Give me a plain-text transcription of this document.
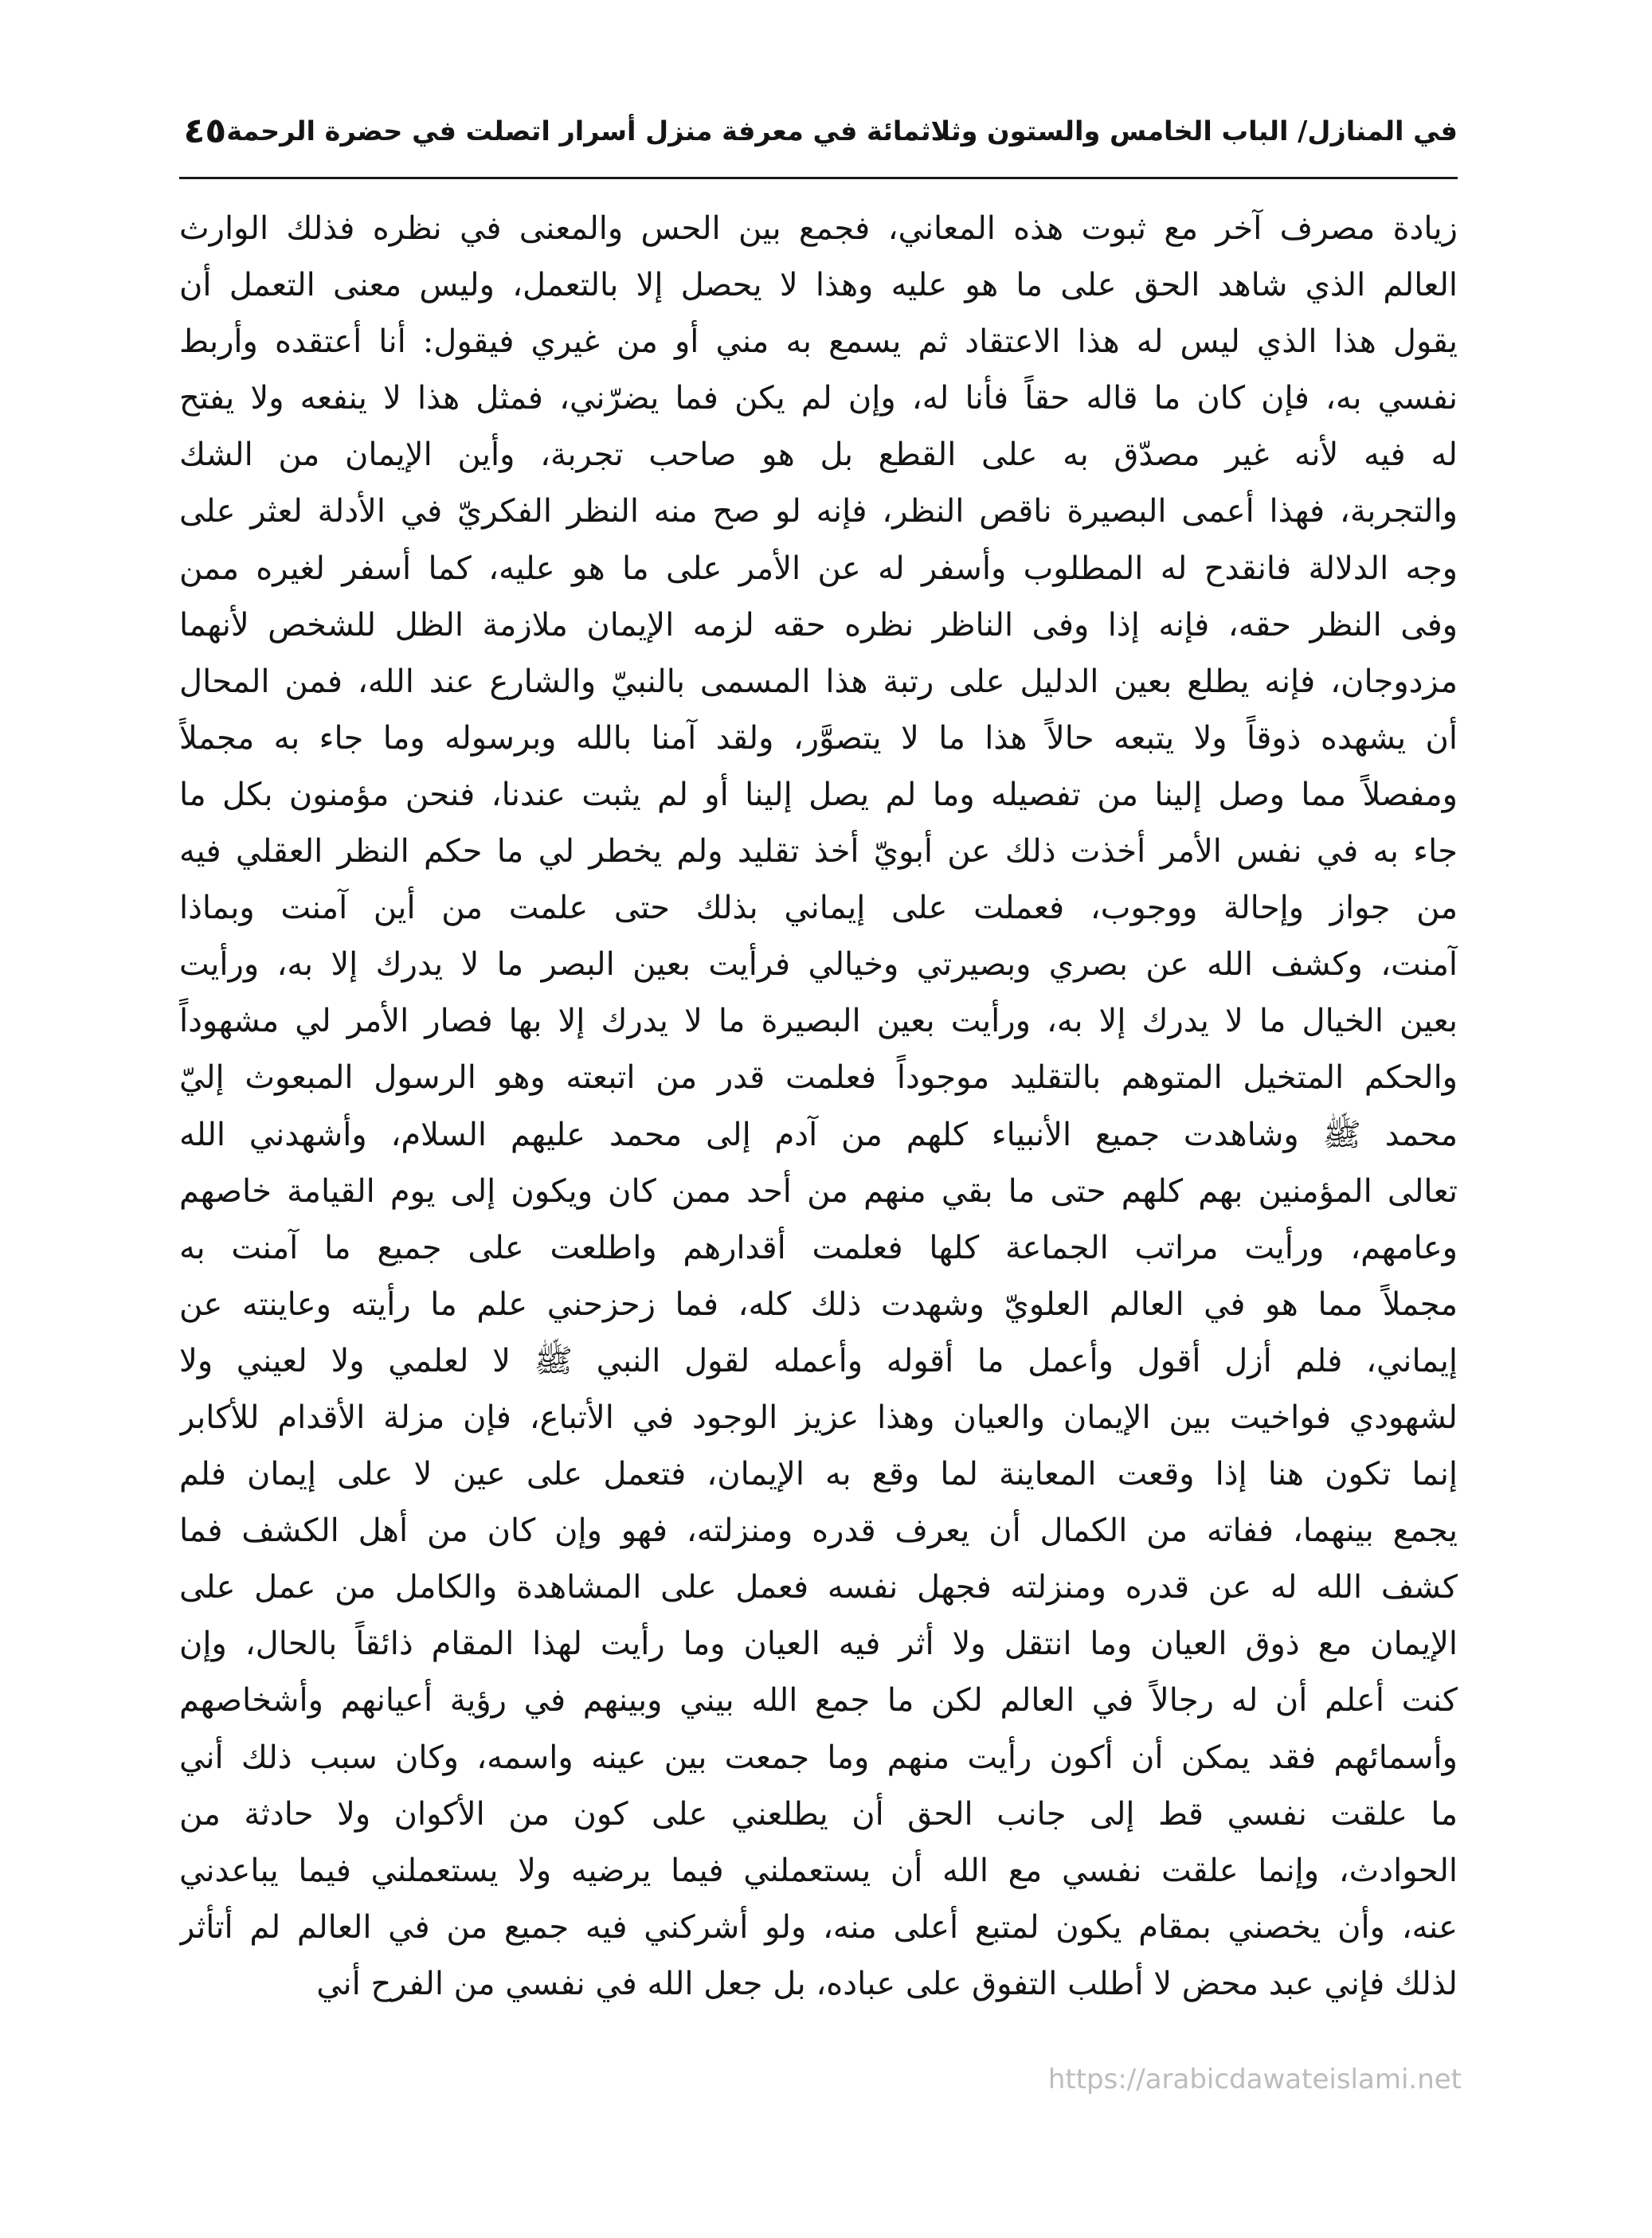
في المنازل/ الباب الخامس والستون وثلاثمائة في معرفة منزل أسرار اتصلت في حضرة الرحمة
٤٥
زيادة مصرف آخر مع ثبوت هذه المعاني، فجمع بين الحس والمعنى في نظره فذلك الوارث
العالم الذي شاهد الحق على ما هو عليه وهذا لا يحصل إلا بالتعمل، وليس معنى التعمل أن
يقول هذا الذي ليس له هذا الاعتقاد ثم يسمع به مني أو من غيري فيقول: أنا أعتقده وأربط
نفسي به، فإن كان ما قاله حقاً فأنا له، وإن لم يكن فما يضرّني، فمثل هذا لا ينفعه ولا يفتح
له فيه لأنه غير مصدّق به على القطع بل هو صاحب تجربة، وأين الإيمان من الشك
والتجربة، فهذا أعمى البصيرة ناقص النظر، فإنه لو صح منه النظر الفكريّ في الأدلة لعثر على
وجه الدلالة فانقدح له المطلوب وأسفر له عن الأمر على ما هو عليه، كما أسفر لغيره ممن
وفى النظر حقه، فإنه إذا وفى الناظر نظره حقه لزمه الإيمان ملازمة الظل للشخص لأنهما
مزدوجان، فإنه يطلع بعين الدليل على رتبة هذا المسمى بالنبيّ والشارع عند الله، فمن المحال
أن يشهده ذوقاً ولا يتبعه حالاً هذا ما لا يتصوَّر، ولقد آمنا بالله وبرسوله وما جاء به مجملاً
ومفصلاً مما وصل إلينا من تفصيله وما لم يصل إلينا أو لم يثبت عندنا، فنحن مؤمنون بكل ما
جاء به في نفس الأمر أخذت ذلك عن أبويّ أخذ تقليد ولم يخطر لي ما حكم النظر العقلي فيه
من جواز وإحالة ووجوب، فعملت على إيماني بذلك حتى علمت من أين آمنت وبماذا
آمنت، وكشف الله عن بصري وبصيرتي وخيالي فرأيت بعين البصر ما لا يدرك إلا به، ورأيت
بعين الخيال ما لا يدرك إلا به، ورأيت بعين البصيرة ما لا يدرك إلا بها فصار الأمر لي مشهوداً
والحكم المتخيل المتوهم بالتقليد موجوداً فعلمت قدر من اتبعته وهو الرسول المبعوث إليّ
محمد ﷺ وشاهدت جميع الأنبياء كلهم من آدم إلى محمد عليهم السلام، وأشهدني الله
تعالى المؤمنين بهم كلهم حتى ما بقي منهم من أحد ممن كان ويكون إلى يوم القيامة خاصهم
وعامهم، ورأيت مراتب الجماعة كلها فعلمت أقدارهم واطلعت على جميع ما آمنت به
مجملاً مما هو في العالم العلويّ وشهدت ذلك كله، فما زحزحني علم ما رأيته وعاينته عن
إيماني، فلم أزل أقول وأعمل ما أقوله وأعمله لقول النبي ﷺ لا لعلمي ولا لعيني ولا
لشهودي فواخيت بين الإيمان والعيان وهذا عزيز الوجود في الأتباع، فإن مزلة الأقدام للأكابر
إنما تكون هنا إذا وقعت المعاينة لما وقع به الإيمان، فتعمل على عين لا على إيمان فلم
يجمع بينهما، ففاته من الكمال أن يعرف قدره ومنزلته، فهو وإن كان من أهل الكشف فما
كشف الله له عن قدره ومنزلته فجهل نفسه فعمل على المشاهدة والكامل من عمل على
الإيمان مع ذوق العيان وما انتقل ولا أثر فيه العيان وما رأيت لهذا المقام ذائقاً بالحال، وإن
كنت أعلم أن له رجالاً في العالم لكن ما جمع الله بيني وبينهم في رؤية أعيانهم وأشخاصهم
وأسمائهم فقد يمكن أن أكون رأيت منهم وما جمعت بين عينه واسمه، وكان سبب ذلك أني
ما علقت نفسي قط إلى جانب الحق أن يطلعني على كون من الأكوان ولا حادثة من
الحوادث، وإنما علقت نفسي مع الله أن يستعملني فيما يرضيه ولا يستعملني فيما يباعدني
عنه، وأن يخصني بمقام يكون لمتبع أعلى منه، ولو أشركني فيه جميع من في العالم لم أتأثر
لذلك فإني عبد محض لا أطلب التفوق على عباده، بل جعل الله في نفسي من الفرح أني
https://arabicdawateislami.net
